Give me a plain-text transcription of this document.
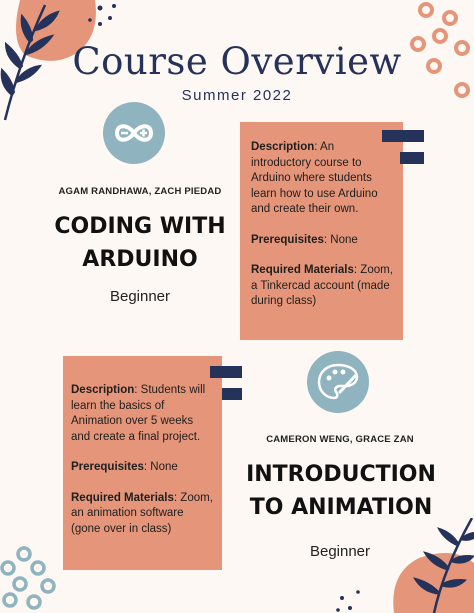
Course Overview
Summer 2022
AGAM RANDHAWA, ZACH PIEDAD
CODING WITH
ARDUINO
Beginner

Description: An introductory course to Arduino where students learn how to use Arduino and create their own.

Prerequisites: None

Required Materials: Zoom, a Tinkercad account (made during class)

Description: Students will learn the basics of Animation over 5 weeks and create a final project.

Prerequisites: None

Required Materials: Zoom, an animation software (gone over in class)

CAMERON WENG, GRACE ZAN
INTRODUCTION
TO ANIMATION
Beginner
